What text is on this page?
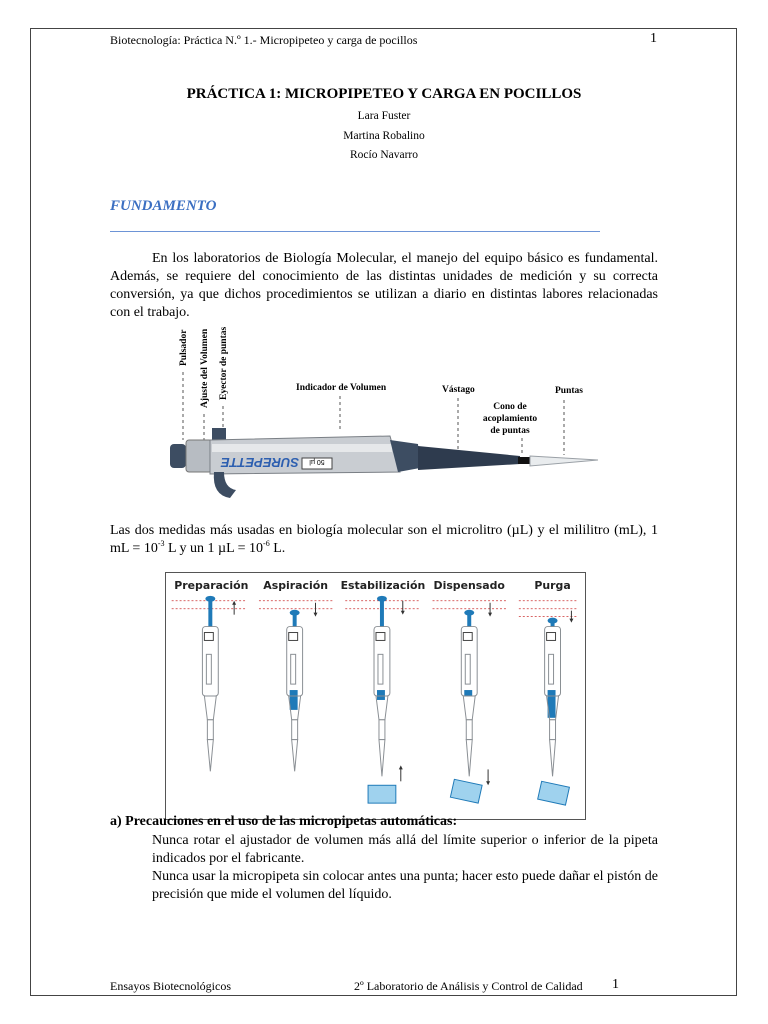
Biotecnología: Práctica N.º 1.- Micropipeteo y carga de pocillos	1
PRÁCTICA 1: MICROPIPETEO Y CARGA EN POCILLOS
Lara Fuster
Martina Robalino
Rocío Navarro
FUNDAMENTO
En los laboratorios de Biología Molecular, el manejo del equipo básico es fundamental. Además, se requiere del conocimiento de las distintas unidades de medición y su correcta conversión, ya que dichos procedimientos se utilizan a diario en distintas labores relacionadas con el trabajo.
Pulsador Ajuste del Volumen Eyector de puntas	Indicador de Volumen	Vástago
Cono de
acoplamiento
de puntas
Puntas
50 µl
SUREPETTE
Las dos medidas más usadas en biología molecular son el microlitro (µL) y el mililitro (mL), 1 mL = $10^{-3}$ L y un 1 $\mu L = 10^{-6}$ L.
Preparación Aspiración Estabilización Dispensado	Purga
a) Precauciones en el uso de las micropipetas automáticas:
Nunca rotar el ajustador de volumen más allá del límite superior o inferior de la pipeta indicados por el fabricante.
Nunca usar la micropipeta sin colocar antes una punta; hacer esto puede dañar el pistón de precisión que mide el volumen del líquido.
Ensayos Biotecnológicos	2º Laboratorio de Análisis y Control de Calidad 1
